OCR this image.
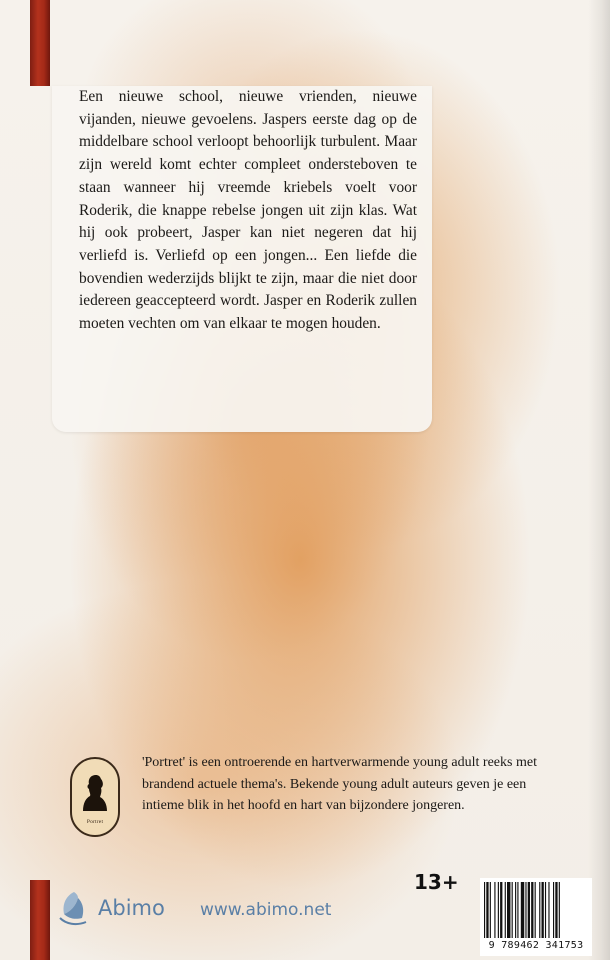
Een nieuwe school, nieuwe vrienden, nieuwe vijanden, nieuwe gevoelens. Jaspers eerste dag op de middelbare school verloopt behoorlijk turbulent. Maar zijn wereld komt echter compleet ondersteboven te staan wanneer hij vreemde kriebels voelt voor Roderik, die knappe rebelse jongen uit zijn klas. Wat hij ook probeert, Jasper kan niet negeren dat hij verliefd is. Verliefd op een jongen... Een liefde die bovendien wederzijds blijkt te zijn, maar die niet door iedereen geaccepteerd wordt. Jasper en Roderik zullen moeten vechten om van elkaar te mogen houden.

Portret

'Portret' is een ontroerende en hartverwarmende young adult reeks met brandend actuele thema's. Bekende young adult auteurs geven je een intieme blik in het hoofd en hart van bijzondere jongeren.

Abimo www.abimo.net
13+
9 789462 341753
